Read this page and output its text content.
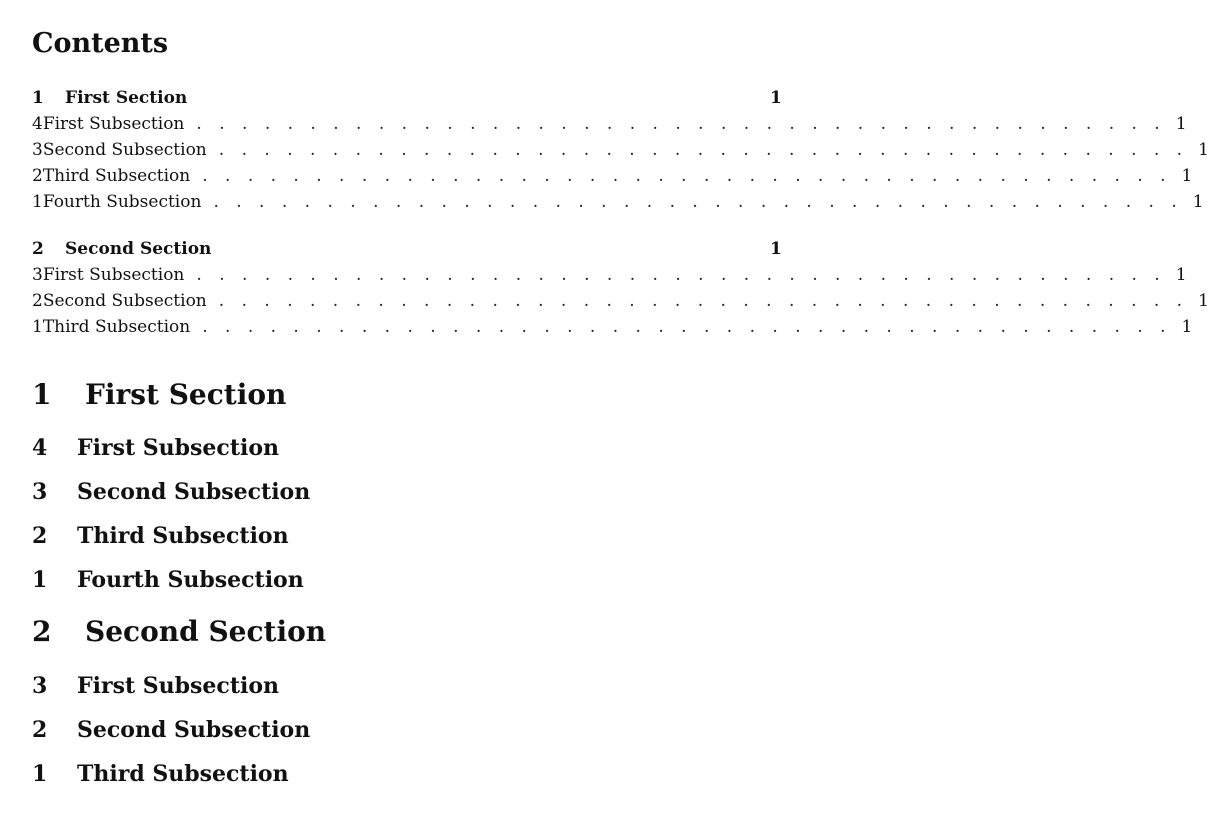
Contents
1	First Section	1
4 First Subsection . . . . . . . . . . . . . . . . . . . . . . . . . . . . . . . . . . . . . . . . . . . 1
3 Second Subsection . . . . . . . . . . . . . . . . . . . . . . . . . . . . . . . . . . . . . . . . . . . 1
2 Third Subsection . . . . . . . . . . . . . . . . . . . . . . . . . . . . . . . . . . . . . . . . . . . 1
1 Fourth Subsection . . . . . . . . . . . . . . . . . . . . . . . . . . . . . . . . . . . . . . . . . . . 1
2	Second Section	1
3 First Subsection . . . . . . . . . . . . . . . . . . . . . . . . . . . . . . . . . . . . . . . . . . . 1
2 Second Subsection . . . . . . . . . . . . . . . . . . . . . . . . . . . . . . . . . . . . . . . . . . . 1
1 Third Subsection . . . . . . . . . . . . . . . . . . . . . . . . . . . . . . . . . . . . . . . . . . . 1
1	First Section
4	First Subsection
3	Second Subsection
2	Third Subsection
1	Fourth Subsection
2	Second Section
3	First Subsection
2	Second Subsection
1	Third Subsection
